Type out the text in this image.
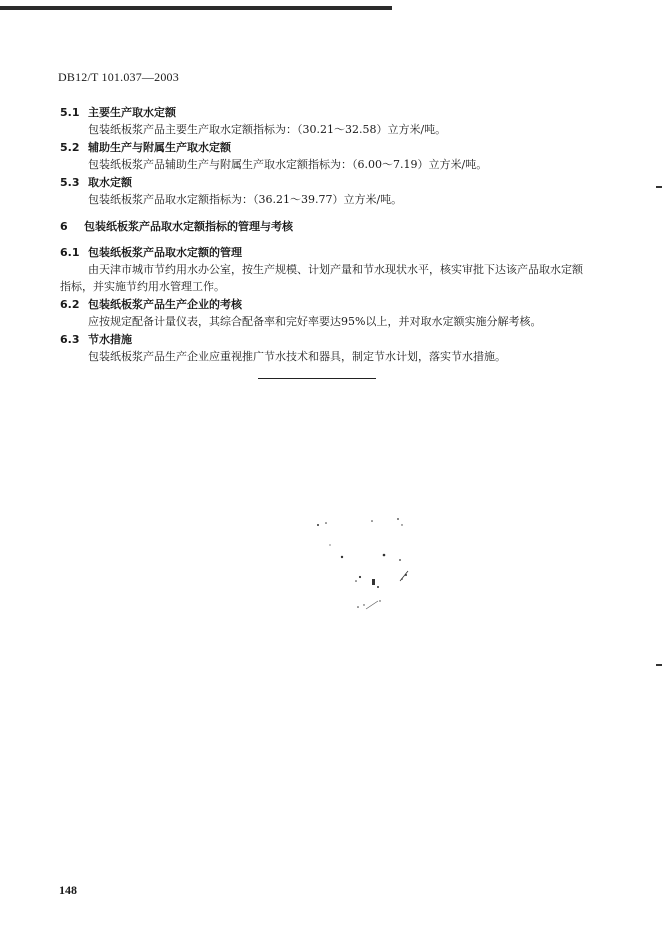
DB12/T 101.037—2003
5.1 主要生产取水定额
包装纸板浆产品主要生产取水定额指标为：（30.21～32.58）立方米/吨。
5.2 辅助生产与附属生产取水定额
包装纸板浆产品辅助生产与附属生产取水定额指标为：（6.00～7.19）立方米/吨。
5.3 取水定额
包装纸板浆产品取水定额指标为：（36.21～39.77）立方米/吨。
6 包装纸板浆产品取水定额指标的管理与考核
6.1 包装纸板浆产品取水定额的管理
由天津市城市节约用水办公室，按生产规模、计划产量和节水现状水平，核实审批下达该产品取水定额
指标，并实施节约用水管理工作。
6.2 包装纸板浆产品生产企业的考核
应按规定配备计量仪表，其综合配备率和完好率要达95%以上，并对取水定额实施分解考核。
6.3 节水措施
包装纸板浆产品生产企业应重视推广节水技术和器具，制定节水计划，落实节水措施。
148
